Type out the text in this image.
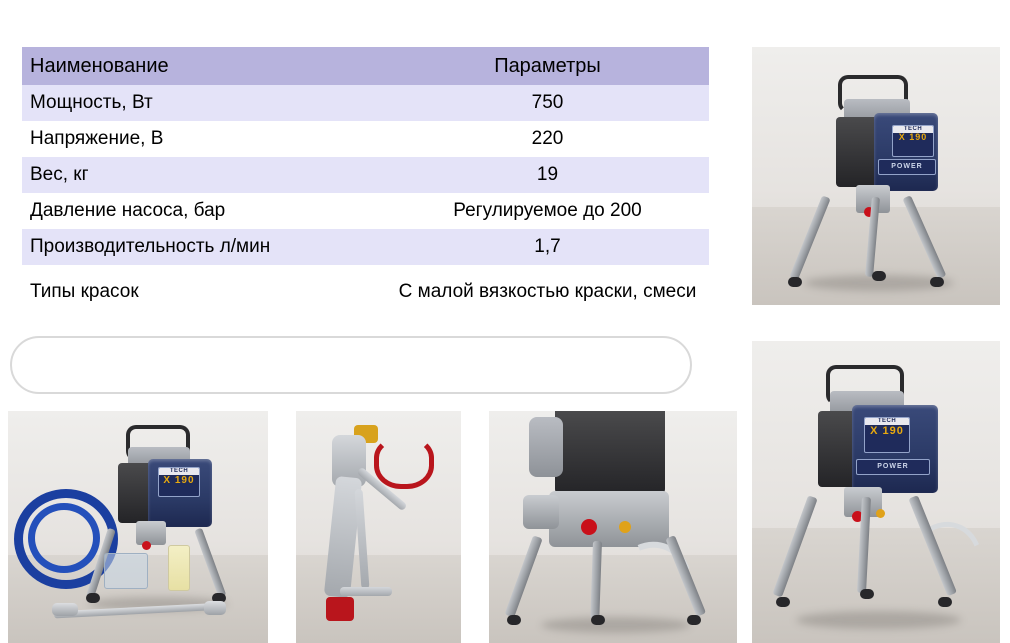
Наименование	Параметры
Мощность, Вт	750
Напряжение, В	220
Вес, кг	19
Давление насоса, бар	Регулируемое до 200
Производительность л/мин	1,7
Типы красок	С малой вязкостью краски, смеси
TECH
X 190
POWER
TECH
X 190
POWER
TECH
X 190
